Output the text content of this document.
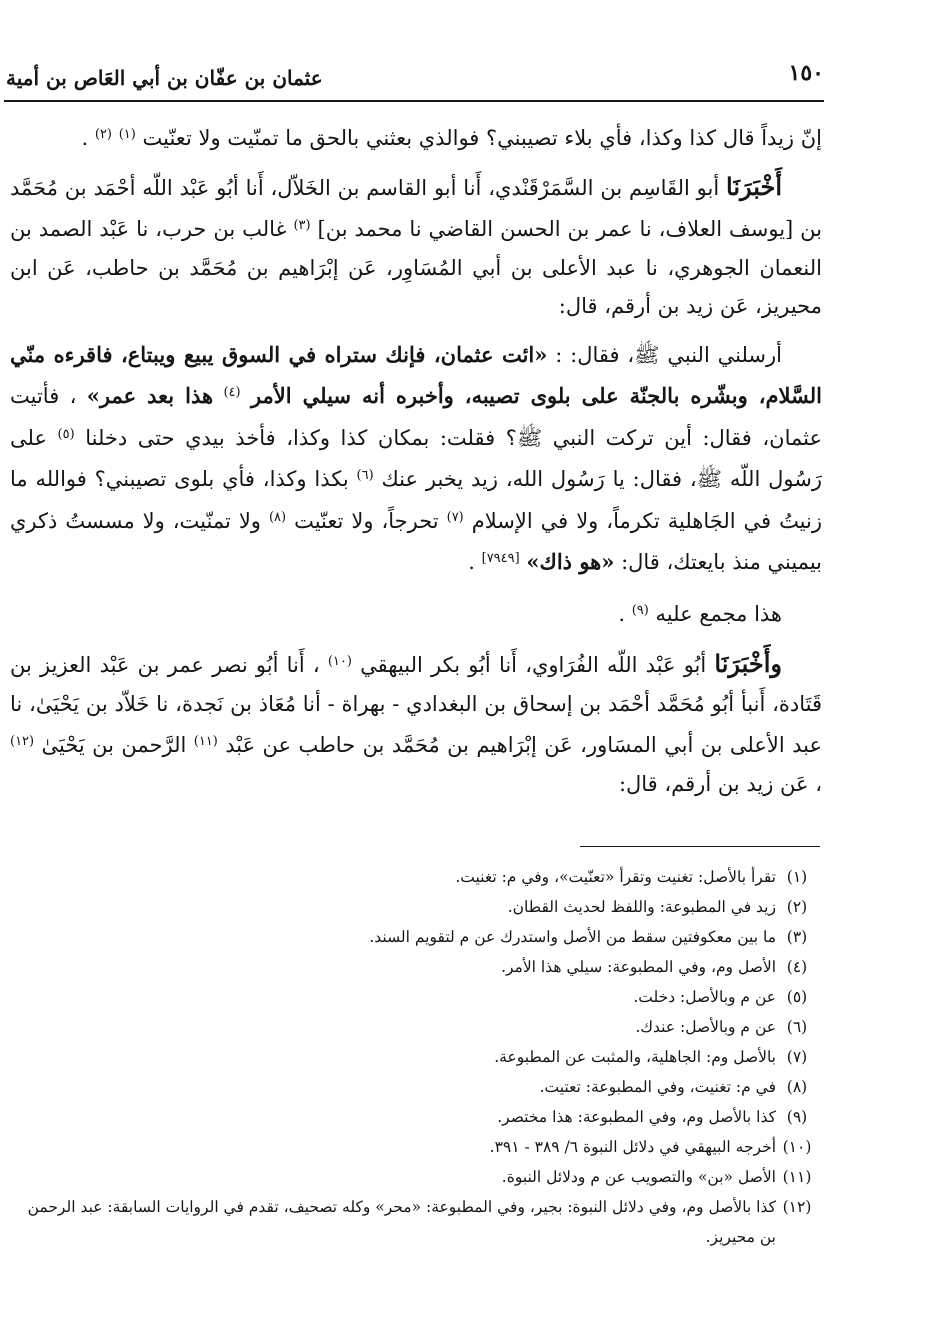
١٥٠
عثمان بن عفّان بن أبي العَاص بن أمية

إنّ زيداً قال كذا وكذا، فأي بلاء تصيبني؟ فوالذي بعثني بالحق ما تمنّيت ولا تعنّيت $^{(١)}$ $^{(٢)}$ .

أَخْبَرَنَا أبو القَاسِم بن السَّمَرْقَنْدي، أَنا أبو القاسم بن الخَلاّل، أَنا أبُو عَبْد اللّه أحْمَد بن مُحَمَّد بن [يوسف العلاف، نا عمر بن الحسن القاضي نا محمد بن] $^{(٣)}$ غالب بن حرب، نا عَبْد الصمد بن النعمان الجوهري، نا عبد الأعلى بن أبي المُسَاوِر، عَن إبْرَاهيم بن مُحَمَّد بن حاطب، عَن ابن محيريز، عَن زيد بن أرقم، قال:

أرسلني النبي ﷺ، فقال: : «ائت عثمان، فإنك ستراه في السوق يبيع ويبتاع، فاقرءه منّي السَّلام، وبشّره بالجنّة على بلوى تصيبه، وأخبره أنه سيلي الأمر $^{(٤)}$ هذا بعد عمر» ، فأتيت عثمان، فقال: أين تركت النبي ﷺ؟ فقلت: بمكان كذا وكذا، فأخذ بيدي حتى دخلنا $^{(٥)}$ على رَسُول اللّه ﷺ، فقال: يا رَسُول الله، زيد يخبر عنك $^{(٦)}$ بكذا وكذا، فأي بلوى تصيبني؟ فوالله ما زنيتُ في الجَاهلية تكرماً، ولا في الإسلام $^{(٧)}$ تحرجاً، ولا تعنّيت $^{(٨)}$ ولا تمنّيت، ولا مسستُ ذكري بيميني منذ بايعتك، قال: «هو ذاك» [٧٩٤٩] .

هذا مجمع عليه $^{(٩)}$ .

وأَخْبَرَنَا أبُو عَبْد اللّه الفُرَاوي، أَنا أبُو بكر البيهقي $^{(١٠)}$ ، أَنا أبُو نصر عمر بن عَبْد العزيز بن قَتَادة، أَنبأ أبُو مُحَمَّد أحْمَد بن إسحاق بن البغدادي - بهراة - أنا مُعَاذ بن نَجدة، نا خَلاّد بن يَحْيَىٰ، نا عبد الأعلى بن أبي المسَاور، عَن إبْرَاهيم بن مُحَمَّد بن حاطب عن عَبْد $^{(١١)}$ الرَّحمن بن يَحْيَىٰ $^{(١٢)}$ ، عَن زيد بن أرقم، قال:

(١)
تقرأ بالأصل: تغنيت وتقرأ «تعنّيت»، وفي م: تغنيت.
(٢)
زيد في المطبوعة: واللفظ لحديث القطان.
(٣)
ما بين معكوفتين سقط من الأصل واستدرك عن م لتقويم السند.
(٤)
الأصل وم، وفي المطبوعة: سيلي هذا الأمر.
(٥)
عن م وبالأصل: دخلت.
(٦)
عن م وبالأصل: عندك.
(٧)
بالأصل وم: الجاهلية، والمثبت عن المطبوعة.
(٨)
في م: تغنيت، وفي المطبوعة: تعتيت.
(٩)
كذا بالأصل وم، وفي المطبوعة: هذا مختصر.
(١٠)
أخرجه البيهقي في دلائل النبوة ٦/ ٣٨٩ - ٣٩١.
(١١)
الأصل «بن» والتصويب عن م ودلائل النبوة.
(١٢)
كذا بالأصل وم، وفي دلائل النبوة: بجير، وفي المطبوعة: «محر» وكله تصحيف، تقدم في الروايات السابقة: عبد الرحمن بن محيريز.
